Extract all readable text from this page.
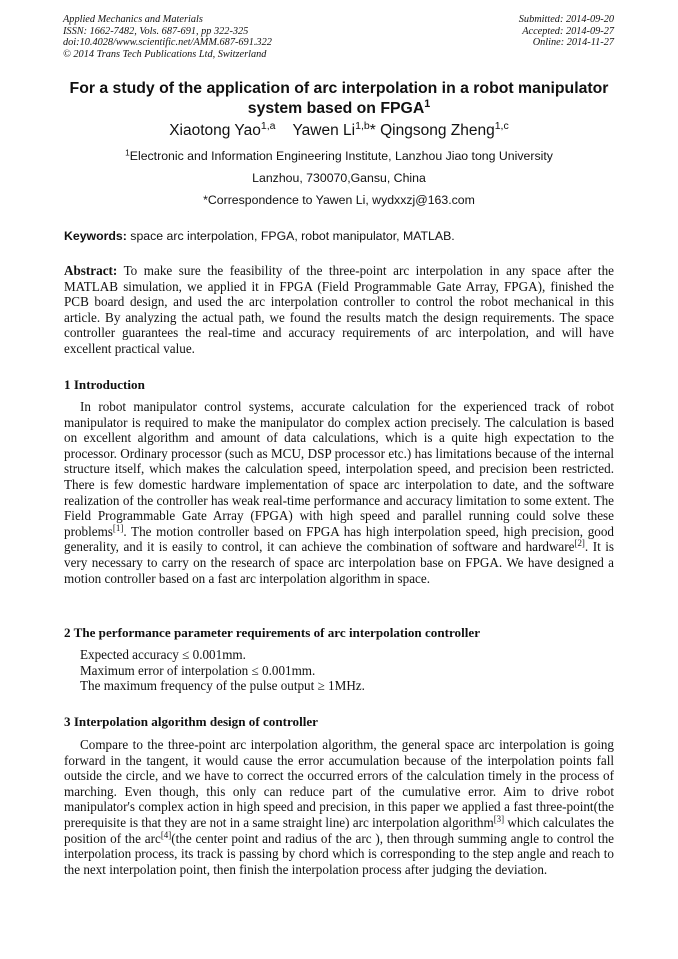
Applied Mechanics and Materials
ISSN: 1662-7482, Vols. 687-691, pp 322-325
doi:10.4028/www.scientific.net/AMM.687-691.322
© 2014 Trans Tech Publications Ltd, Switzerland
Submitted: 2014-09-20
Accepted: 2014-09-27
Online: 2014-11-27
For a study of the application of arc interpolation in a robot manipulator
system based on FPGA$^1$
Xiaotong Yao$^{1,a}$ Yawen Li$^{1,b}$* Qingsong Zheng$^{1,c}$
$^1$Electronic and Information Engineering Institute, Lanzhou Jiao tong University
Lanzhou, 730070,Gansu, China
*Correspondence to Yawen Li, wydxxzj@163.com
Keywords: space arc interpolation, FPGA, robot manipulator, MATLAB.
Abstract: To make sure the feasibility of the three-point arc interpolation in any space after the MATLAB simulation, we applied it in FPGA (Field Programmable Gate Array, FPGA), finished the PCB board design, and used the arc interpolation controller to control the robot mechanical in this article. By analyzing the actual path, we found the results match the design requirements. The space controller guarantees the real-time and accuracy requirements of arc interpolation, and will have excellent practical value.
1 Introduction
In robot manipulator control systems, accurate calculation for the experienced track of robot manipulator is required to make the manipulator do complex action precisely. The calculation is based on excellent algorithm and amount of data calculations, which is a quite high expectation to the processor. Ordinary processor (such as MCU, DSP processor etc.) has limitations because of the internal structure itself, which makes the calculation speed, interpolation speed, and precision been restricted. There is few domestic hardware implementation of space arc interpolation to date, and the software realization of the controller has weak real-time performance and accuracy limitation to some extent. The Field Programmable Gate Array (FPGA) with high speed and parallel running could solve these problems[1]. The motion controller based on FPGA has high interpolation speed, high precision, good generality, and it is easily to control, it can achieve the combination of software and hardware[2]. It is very necessary to carry on the research of space arc interpolation base on FPGA. We have designed a motion controller based on a fast arc interpolation algorithm in space.
2 The performance parameter requirements of arc interpolation controller
Expected accuracy ≤ 0.001mm.
Maximum error of interpolation ≤ 0.001mm.
The maximum frequency of the pulse output ≥ 1MHz.
3 Interpolation algorithm design of controller
Compare to the three-point arc interpolation algorithm, the general space arc interpolation is going forward in the tangent, it would cause the error accumulation because of the interpolation points fall outside the circle, and we have to correct the occurred errors of the calculation timely in the process of marching. Even though, this only can reduce part of the cumulative error. Aim to drive robot manipulator's complex action in high speed and precision, in this paper we applied a fast three-point(the prerequisite is that they are not in a same straight line) arc interpolation algorithm[3] which calculates the position of the arc[4](the center point and radius of the arc ), then through summing angle to control the interpolation process, its track is passing by chord which is corresponding to the step angle and reach to the next interpolation point, then finish the interpolation process after judging the deviation.
